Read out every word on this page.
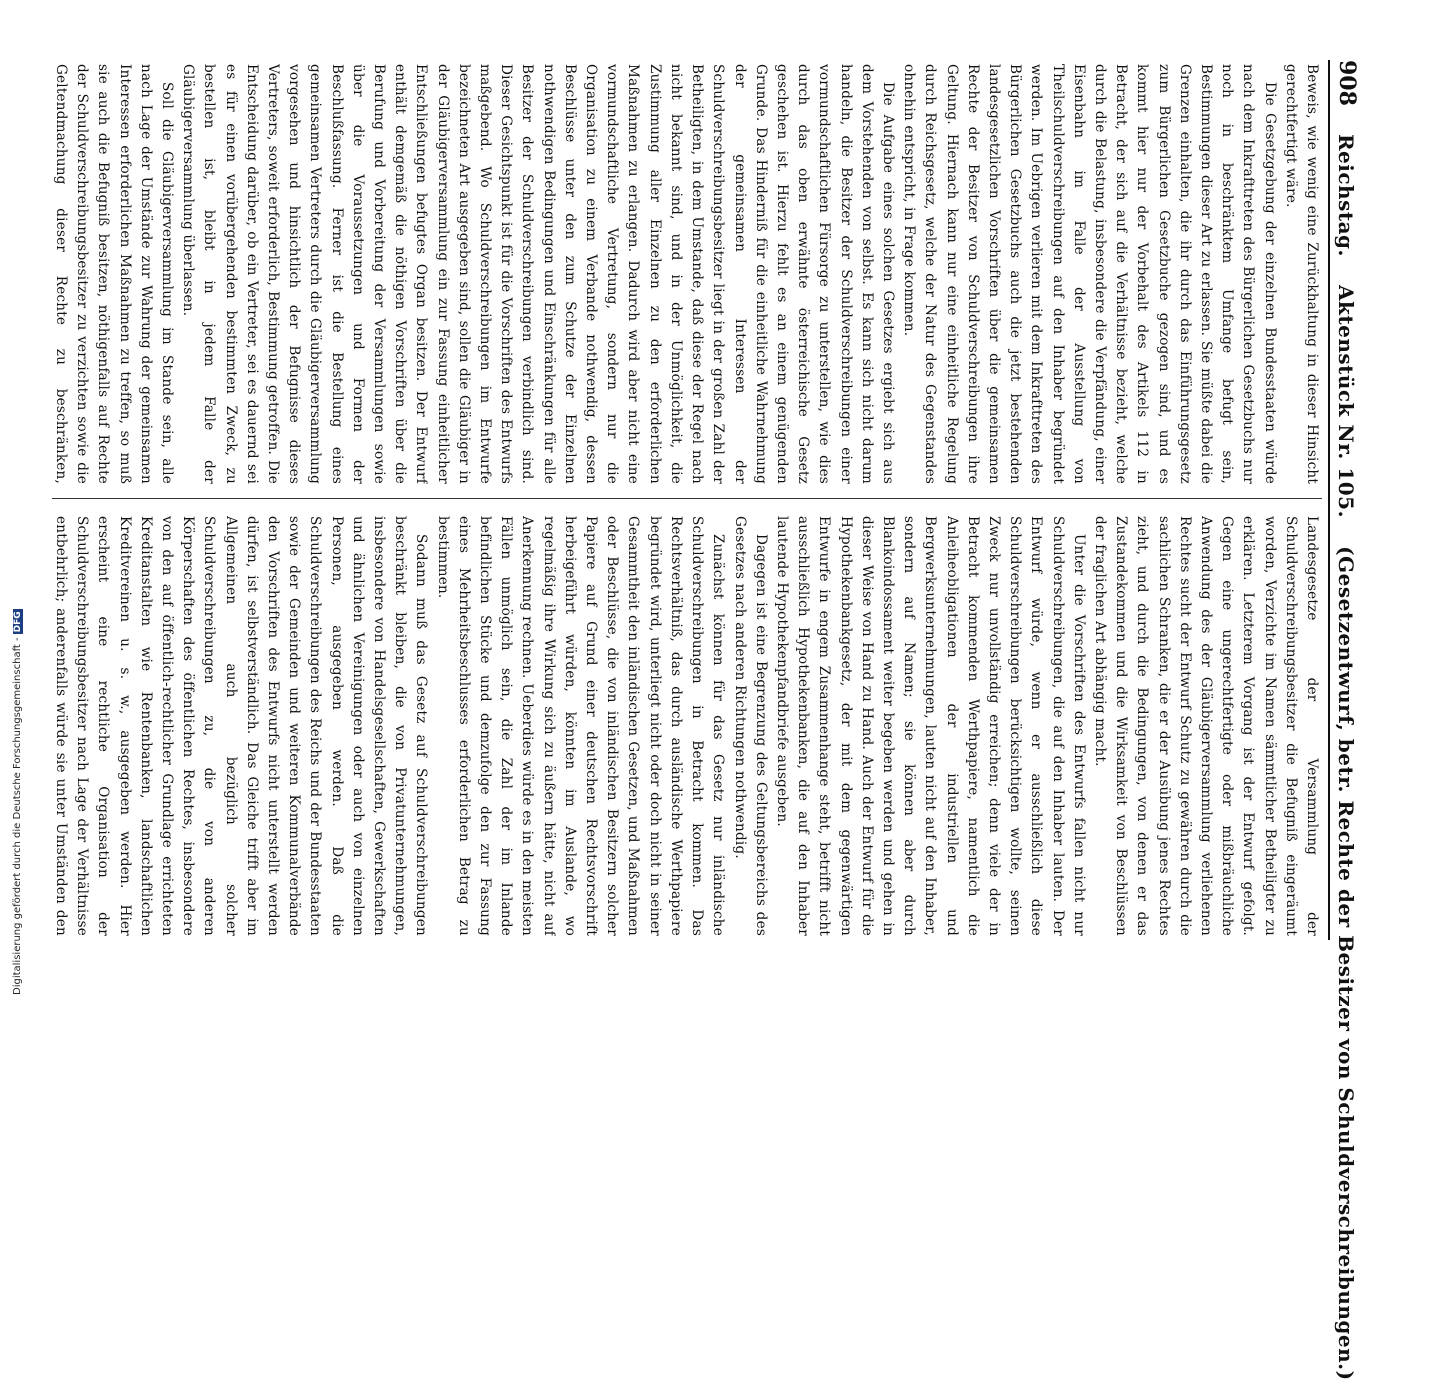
908
Reichstag.
Aktenstück Nr. 105.
(Gesetzentwurf, betr. Rechte der Besitzer von Schuldverschreibungen.)

Beweis, wie wenig eine Zurückhaltung in dieser Hinsicht gerechtfertigt wäre.

Die Gesetzgebung der einzelnen Bundesstaaten würde nach dem Inkrafttreten des Bürgerlichen Gesetzbuchs nur noch in beschränktem Umfange befugt sein, Bestimmungen dieser Art zu erlassen. Sie müßte dabei die Grenzen einhalten, die ihr durch das Einführungsgesetz zum Bürgerlichen Gesetzbuche gezogen sind, und es kommt hier nur der Vorbehalt des Artikels 112 in Betracht, der sich auf die Verhältnisse bezieht, welche durch die Belastung, insbesondere die Verpfändung, einer Eisenbahn im Falle der Ausstellung von Theilschuldverschreibungen auf den Inhaber begründet werden. Im Uebrigen verlieren mit dem Inkrafttreten des Bürgerlichen Gesetzbuchs auch die jetzt bestehenden landesgesetzlichen Vorschriften über die gemeinsamen Rechte der Besitzer von Schuldverschreibungen ihre Geltung. Hiernach kann nur eine einheitliche Regelung durch Reichsgesetz, welche der Natur des Gegenstandes ohnehin entspricht, in Frage kommen.

Die Aufgabe eines solchen Gesetzes ergiebt sich aus dem Vorstehenden von selbst. Es kann sich nicht darum handeln, die Besitzer der Schuldverschreibungen einer vormundschaftlichen Fürsorge zu unterstellen, wie dies durch das oben erwähnte österreichische Gesetz geschehen ist. Hierzu fehlt es an einem genügenden Grunde. Das Hinderniß für die einheitliche Wahrnehmung der gemeinsamen Interessen der Schuldverschreibungsbesitzer liegt in der großen Zahl der Betheiligten, in dem Umstande, daß diese der Regel nach nicht bekannt sind, und in der Unmöglichkeit, die Zustimmung aller Einzelnen zu den erforderlichen Maßnahmen zu erlangen. Dadurch wird aber nicht eine vormundschaftliche Vertretung, sondern nur die Organisation zu einem Verbande nothwendig, dessen Beschlüsse unter den zum Schutze der Einzelnen nothwendigen Bedingungen und Einschränkungen für alle Besitzer der Schuldverschreibungen verbindlich sind. Dieser Gesichtspunkt ist für die Vorschriften des Entwurfs maßgebend. Wo Schuldverschreibungen im Entwurfe bezeichneten Art ausgegeben sind, sollen die Gläubiger in der Gläubigerversammlung ein zur Fassung einheitlicher Entschließungen befugtes Organ besitzen. Der Entwurf enthält demgemäß die nöthigen Vorschriften über die Berufung und Vorbereitung der Versammlungen sowie über die Voraussetzungen und Formen der Beschlußfassung. Ferner ist die Bestellung eines gemeinsamen Vertreters durch die Gläubigerversammlung vorgesehen und hinsichtlich der Befugnisse dieses Vertreters, soweit erforderlich, Bestimmung getroffen. Die Entscheidung darüber, ob ein Vertreter, sei es dauernd sei es für einen vorübergehenden bestimmten Zweck, zu bestellen ist, bleibt in jedem Falle der Gläubigerversammlung überlassen.

Soll die Gläubigerversammlung im Stande sein, alle nach Lage der Umstände zur Wahrung der gemeinsamen Interessen erforderlichen Maßnahmen zu treffen, so muß sie auch die Befugniß besitzen, nöthigenfalls auf Rechte der Schuldverschreibungsbesitzer zu verzichten sowie die Geltendmachung dieser Rechte zu beschränken,

Landesgesetze der Versammlung der Schuldverschreibungsbesitzer die Befugniß eingeräumt worden, Verzichte im Namen sämmtlicher Betheiligter zu erklären. Letzterem Vorgang ist der Entwurf gefolgt. Gegen eine ungerechtfertigte oder mißbräuchliche Anwendung des der Gläubigerversammlung verliehenen Rechtes sucht der Entwurf Schutz zu gewähren durch die sachlichen Schranken, die er der Ausübung jenes Rechtes zieht, und durch die Bedingungen, von denen er das Zustandekommen und die Wirksamkeit von Beschlüssen der fraglichen Art abhängig macht.

Unter die Vorschriften des Entwurfs fallen nicht nur Schuldverschreibungen, die auf den Inhaber lauten. Der Entwurf würde, wenn er ausschließlich diese Schuldverschreibungen berücksichtigen wollte, seinen Zweck nur unvollständig erreichen; denn viele der in Betracht kommenden Werthpapiere, namentlich die Anleiheobligationen der industriellen und Bergwerksunternehmungen, lauten nicht auf den Inhaber, sondern auf Namen; sie können aber durch Blankoindossament weiter begeben werden und gehen in dieser Weise von Hand zu Hand. Auch der Entwurf für die Hypothekenbankgesetz, der mit dem gegenwärtigen Entwurfe in engem Zusammenhange steht, betrifft nicht ausschließlich Hypothekenbanken, die auf den Inhaber lautende Hypothekenpfandbriefe ausgeben.

Dagegen ist eine Begrenzung des Geltungsbereichs des Gesetzes nach anderen Richtungen nothwendig.

Zunächst können für das Gesetz nur inländische Schuldverschreibungen in Betracht kommen. Das Rechtsverhältniß, das durch ausländische Werthpapiere begründet wird, unterliegt nicht oder doch nicht in seiner Gesammtheit den inländischen Gesetzen, und Maßnahmen oder Beschlüsse, die von inländischen Besitzern solcher Papiere auf Grund einer deutschen Rechtsvorschrift herbeigeführt würden, könnten im Auslande, wo regelmäßig ihre Wirkung sich zu äußern hätte, nicht auf Anerkennung rechnen. Ueberdies würde es in den meisten Fällen unmöglich sein, die Zahl der im Inlande befindlichen Stücke und demzufolge den zur Fassung eines Mehrheitsbeschlusses erforderlichen Betrag zu bestimmen.

Sodann muß das Gesetz auf Schuldverschreibungen beschränkt bleiben, die von Privatunternehmungen, insbesondere von Handelsgesellschaften, Gewerkschaften und ähnlichen Vereinigungen oder auch von einzelnen Personen, ausgegeben werden. Daß die Schuldverschreibungen des Reichs und der Bundesstaaten sowie der Gemeinden und weiteren Kommunalverbände den Vorschriften des Entwurfs nicht unterstellt werden dürfen, ist selbstverständlich. Das Gleiche trifft aber im Allgemeinen auch bezüglich solcher Schuldverschreibungen zu, die von anderen Körperschaften des öffentlichen Rechtes, insbesondere von den auf öffentlich-rechtlicher Grundlage errichteten Kreditanstalten wie Rentenbanken, landschaftlichen Kreditvereinen u. s. w., ausgegeben werden. Hier erscheint eine rechtliche Organisation der Schuldverschreibungsbesitzer nach Lage der Verhältnisse entbehrlich; anderenfalls würde sie unter Umständen den

Digitalisierung gefördert durch die Deutsche Forschungsgemeinschaft -DFG
